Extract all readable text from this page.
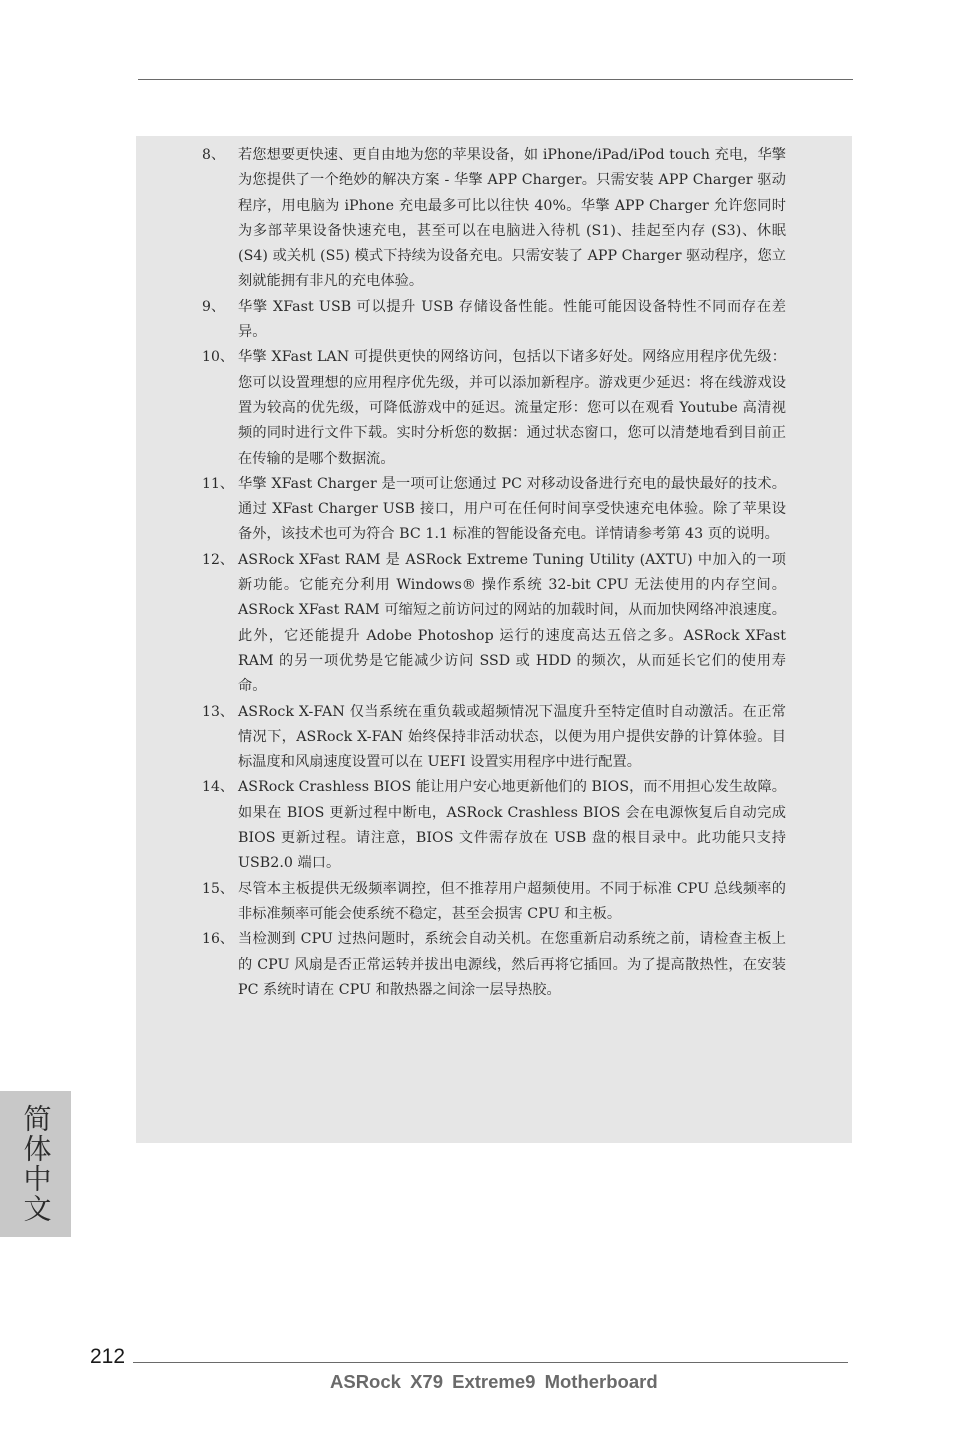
8、 若您想要更快速、更自由地为您的苹果设备，如 iPhone/iPad/iPod touch 充电，华擎为您提供了一个绝妙的解决方案 - 华擎 APP Charger。只需安装 APP Charger 驱动程序，用电脑为 iPhone 充电最多可比以往快 40%。华擎 APP Charger 允许您同时为多部苹果设备快速充电，甚至可以在电脑进入待机 (S1)、挂起至内存 (S3)、休眠 (S4) 或关机 (S5) 模式下持续为设备充电。只需安装了 APP Charger 驱动程序，您立刻就能拥有非凡的充电体验。
9、 华擎 XFast USB 可以提升 USB 存储设备性能。性能可能因设备特性不同而存在差异。
10、 华擎 XFast LAN 可提供更快的网络访问，包括以下诸多好处。网络应用程序优先级：您可以设置理想的应用程序优先级，并可以添加新程序。游戏更少延迟：将在线游戏设置为较高的优先级，可降低游戏中的延迟。流量定形：您可以在观看 Youtube 高清视频的同时进行文件下载。实时分析您的数据：通过状态窗口，您可以清楚地看到目前正在传输的是哪个数据流。
11、 华擎 XFast Charger 是一项可让您通过 PC 对移动设备进行充电的最快最好的技术。通过 XFast Charger USB 接口，用户可在任何时间享受快速充电体验。除了苹果设备外，该技术也可为符合 BC 1.1 标准的智能设备充电。详情请参考第 43 页的说明。
12、 ASRock XFast RAM 是 ASRock Extreme Tuning Utility (AXTU) 中加入的一项新功能。它能充分利用 Windows® 操作系统 32-bit CPU 无法使用的内存空间。ASRock XFast RAM 可缩短之前访问过的网站的加载时间，从而加快网络冲浪速度。此外，它还能提升 Adobe Photoshop 运行的速度高达五倍之多。ASRock XFast RAM 的另一项优势是它能减少访问 SSD 或 HDD 的频次，从而延长它们的使用寿命。
13、 ASRock X-FAN 仅当系统在重负载或超频情况下温度升至特定值时自动激活。在正常情况下，ASRock X-FAN 始终保持非活动状态，以便为用户提供安静的计算体验。目标温度和风扇速度设置可以在 UEFI 设置实用程序中进行配置。
14、 ASRock Crashless BIOS 能让用户安心地更新他们的 BIOS，而不用担心发生故障。如果在 BIOS 更新过程中断电，ASRock Crashless BIOS 会在电源恢复后自动完成 BIOS 更新过程。请注意，BIOS 文件需存放在 USB 盘的根目录中。此功能只支持 USB2.0 端口。
15、 尽管本主板提供无级频率调控，但不推荐用户超频使用。不同于标准 CPU 总线频率的非标准频率可能会使系统不稳定，甚至会损害 CPU 和主板。
16、 当检测到 CPU 过热问题时，系统会自动关机。在您重新启动系统之前，请检查主板上的 CPU 风扇是否正常运转并拔出电源线，然后再将它插回。为了提高散热性，在安装 PC 系统时请在 CPU 和散热器之间涂一层导热胶。
简体中文
212
ASRock X79 Extreme9 Motherboard
